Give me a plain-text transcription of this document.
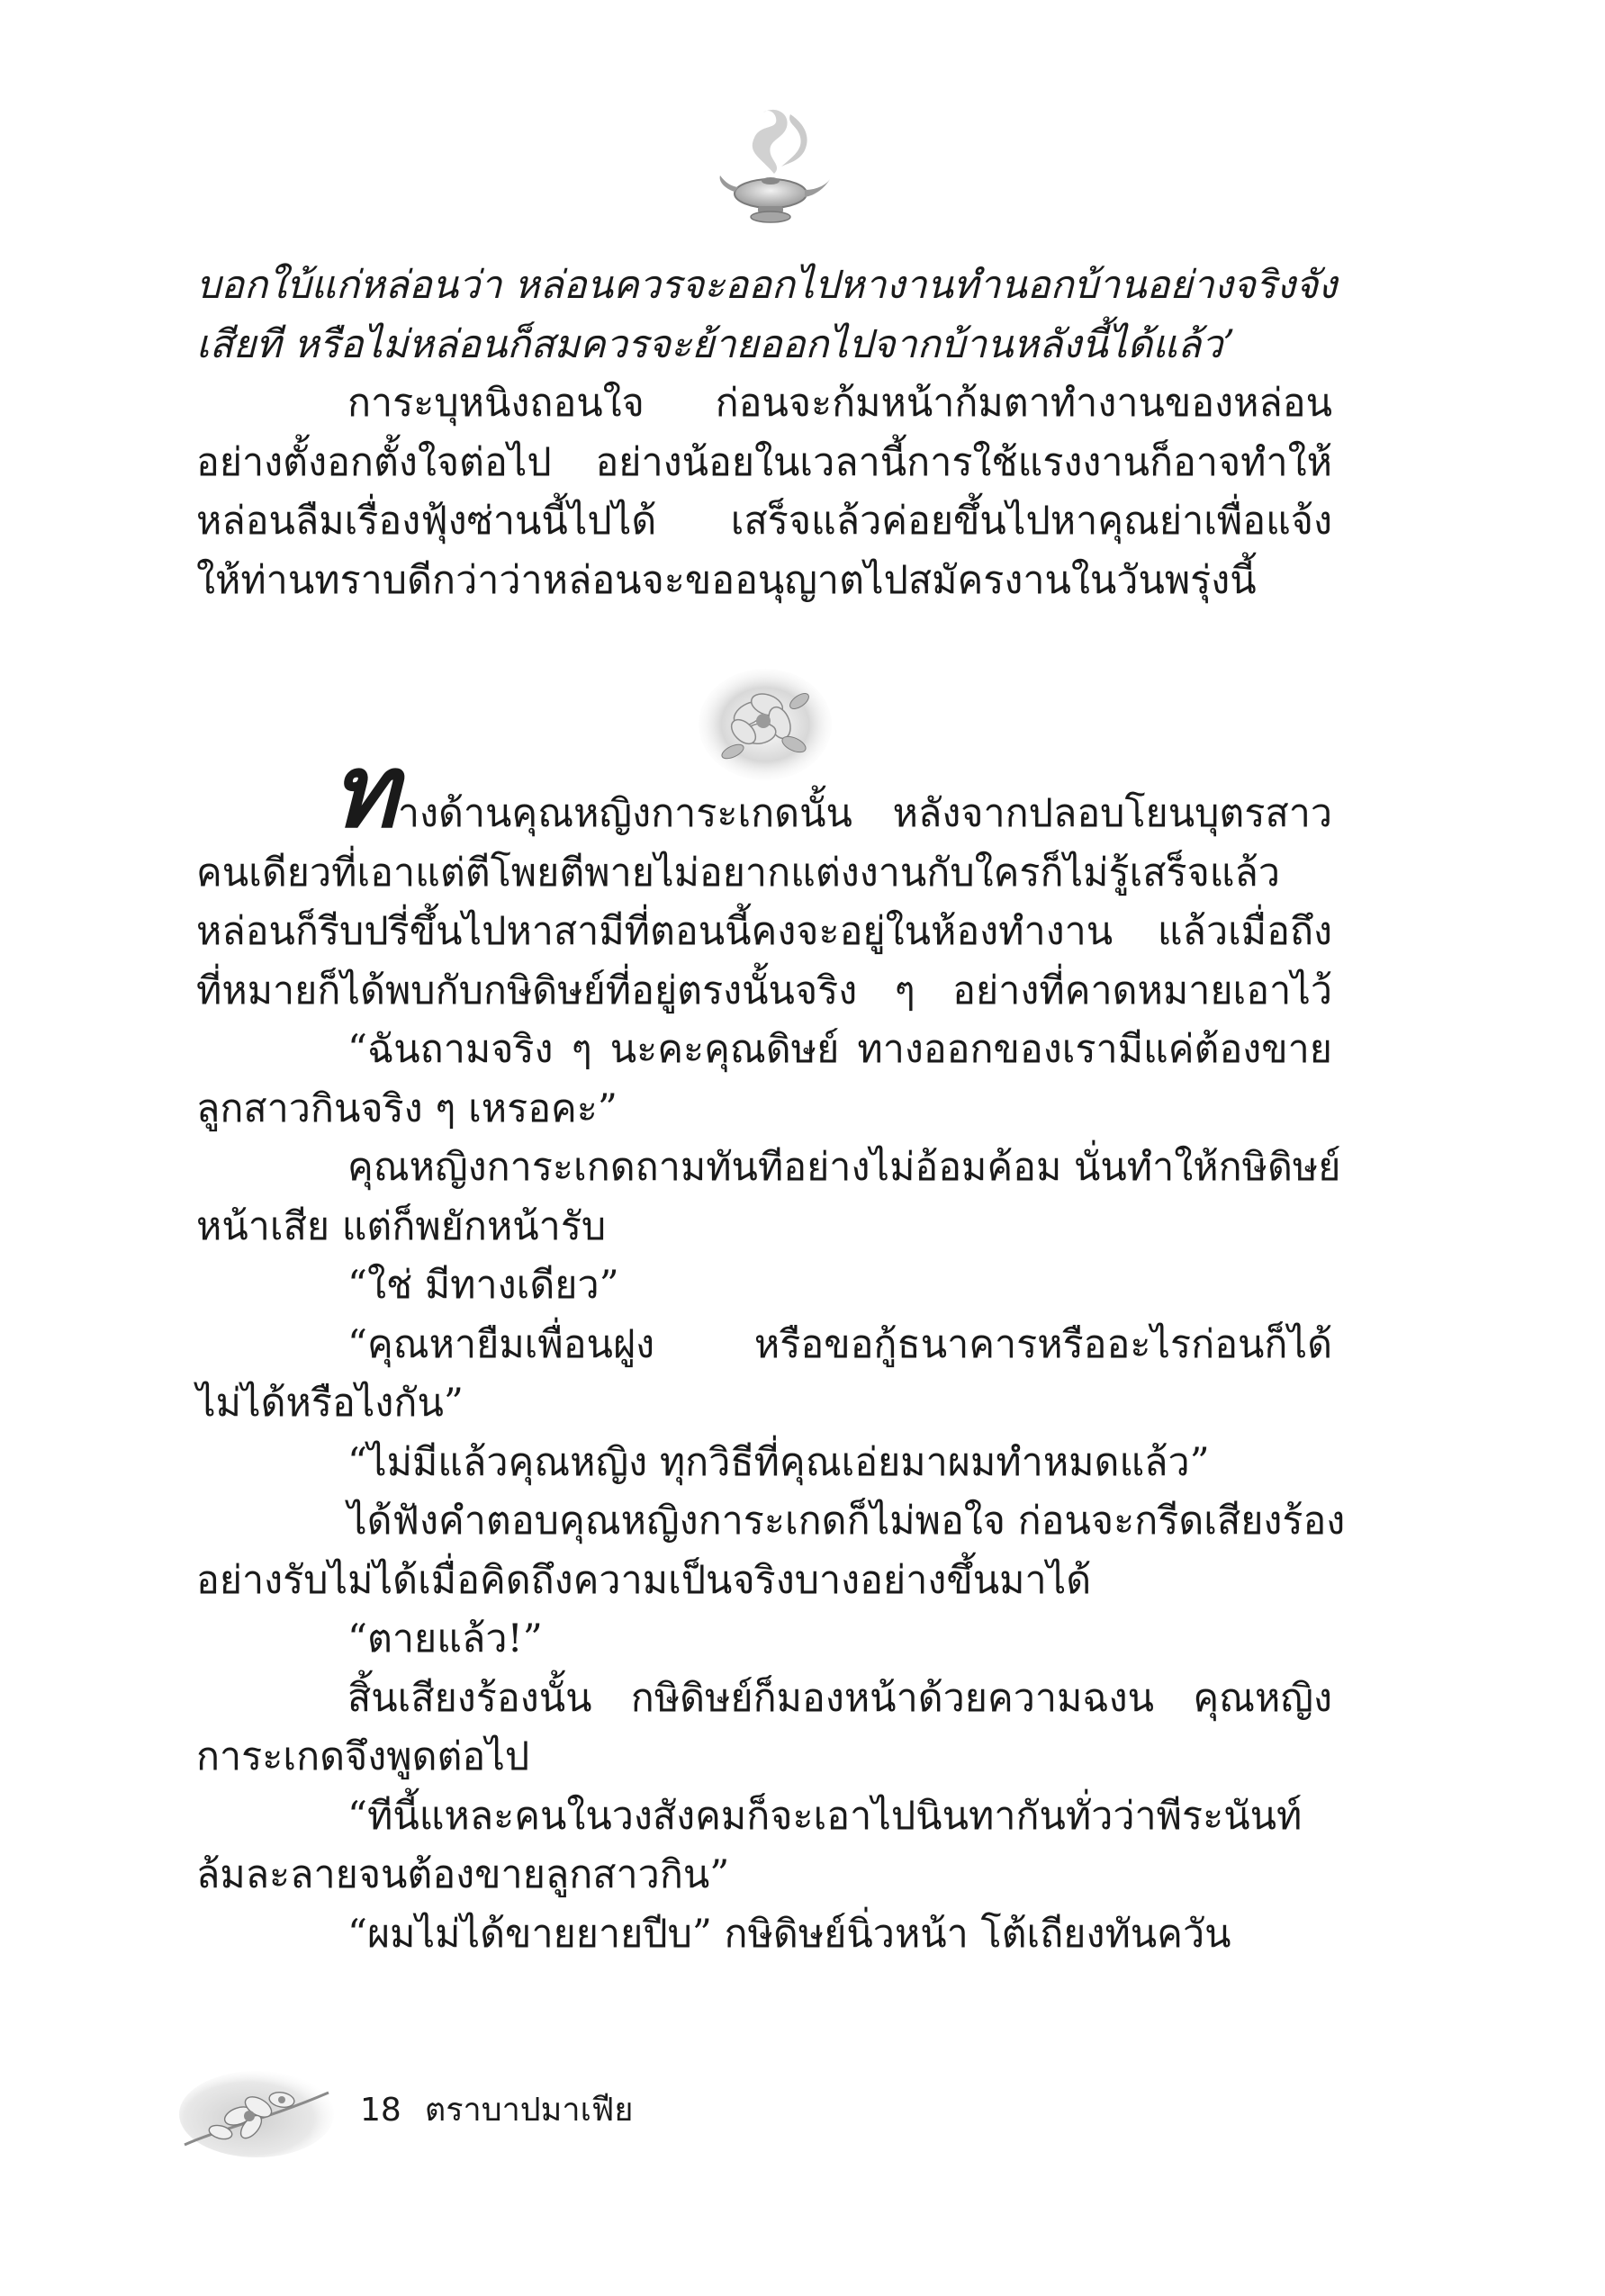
บอกใบ้แก่หล่อนว่า หล่อนควรจะออกไปหางานทำนอกบ้านอย่างจริงจัง
เสียที หรือไม่หล่อนก็สมควรจะย้ายออกไปจากบ้านหลังนี้ได้แล้ว’
การะบุหนิงถอนใจ ก่อนจะก้มหน้าก้มตาทำงานของหล่อน
อย่างตั้งอกตั้งใจต่อไป อย่างน้อยในเวลานี้การใช้แรงงานก็อาจทำให้
หล่อนลืมเรื่องฟุ้งซ่านนี้ไปได้ เสร็จแล้วค่อยขึ้นไปหาคุณย่าเพื่อแจ้ง
ให้ท่านทราบดีกว่าว่าหล่อนจะขออนุญาตไปสมัครงานในวันพรุ่งนี้
ทางด้านคุณหญิงการะเกดนั้น หลังจากปลอบโยนบุตรสาว
คนเดียวที่เอาแต่ตีโพยตีพายไม่อยากแต่งงานกับใครก็ไม่รู้เสร็จแล้ว
หล่อนก็รีบปรี่ขึ้นไปหาสามีที่ตอนนี้คงจะอยู่ในห้องทำงาน แล้วเมื่อถึง
ที่หมายก็ได้พบกับกษิดิษย์ที่อยู่ตรงนั้นจริง ๆ อย่างที่คาดหมายเอาไว้
“ฉันถามจริง ๆ นะคะคุณดิษย์ ทางออกของเรามีแค่ต้องขาย
ลูกสาวกินจริง ๆ เหรอคะ”
คุณหญิงการะเกดถามทันทีอย่างไม่อ้อมค้อม นั่นทำให้กษิดิษย์
หน้าเสีย แต่ก็พยักหน้ารับ
“ใช่ มีทางเดียว”
“คุณหายืมเพื่อนฝูง หรือขอกู้ธนาคารหรืออะไรก่อนก็ได้
ไม่ได้หรือไงกัน”
“ไม่มีแล้วคุณหญิง ทุกวิธีที่คุณเอ่ยมาผมทำหมดแล้ว”
ได้ฟังคำตอบคุณหญิงการะเกดก็ไม่พอใจ ก่อนจะกรีดเสียงร้อง
อย่างรับไม่ได้เมื่อคิดถึงความเป็นจริงบางอย่างขึ้นมาได้
“ตายแล้ว!”
สิ้นเสียงร้องนั้น กษิดิษย์ก็มองหน้าด้วยความฉงน คุณหญิง
การะเกดจึงพูดต่อไป
“ทีนี้แหละคนในวงสังคมก็จะเอาไปนินทากันทั่วว่าพีระนันท์
ล้มละลายจนต้องขายลูกสาวกิน”
“ผมไม่ได้ขายยายปีบ” กษิดิษย์นิ่วหน้า โต้เถียงทันควัน
18 ตราบาปมาเฟีย
